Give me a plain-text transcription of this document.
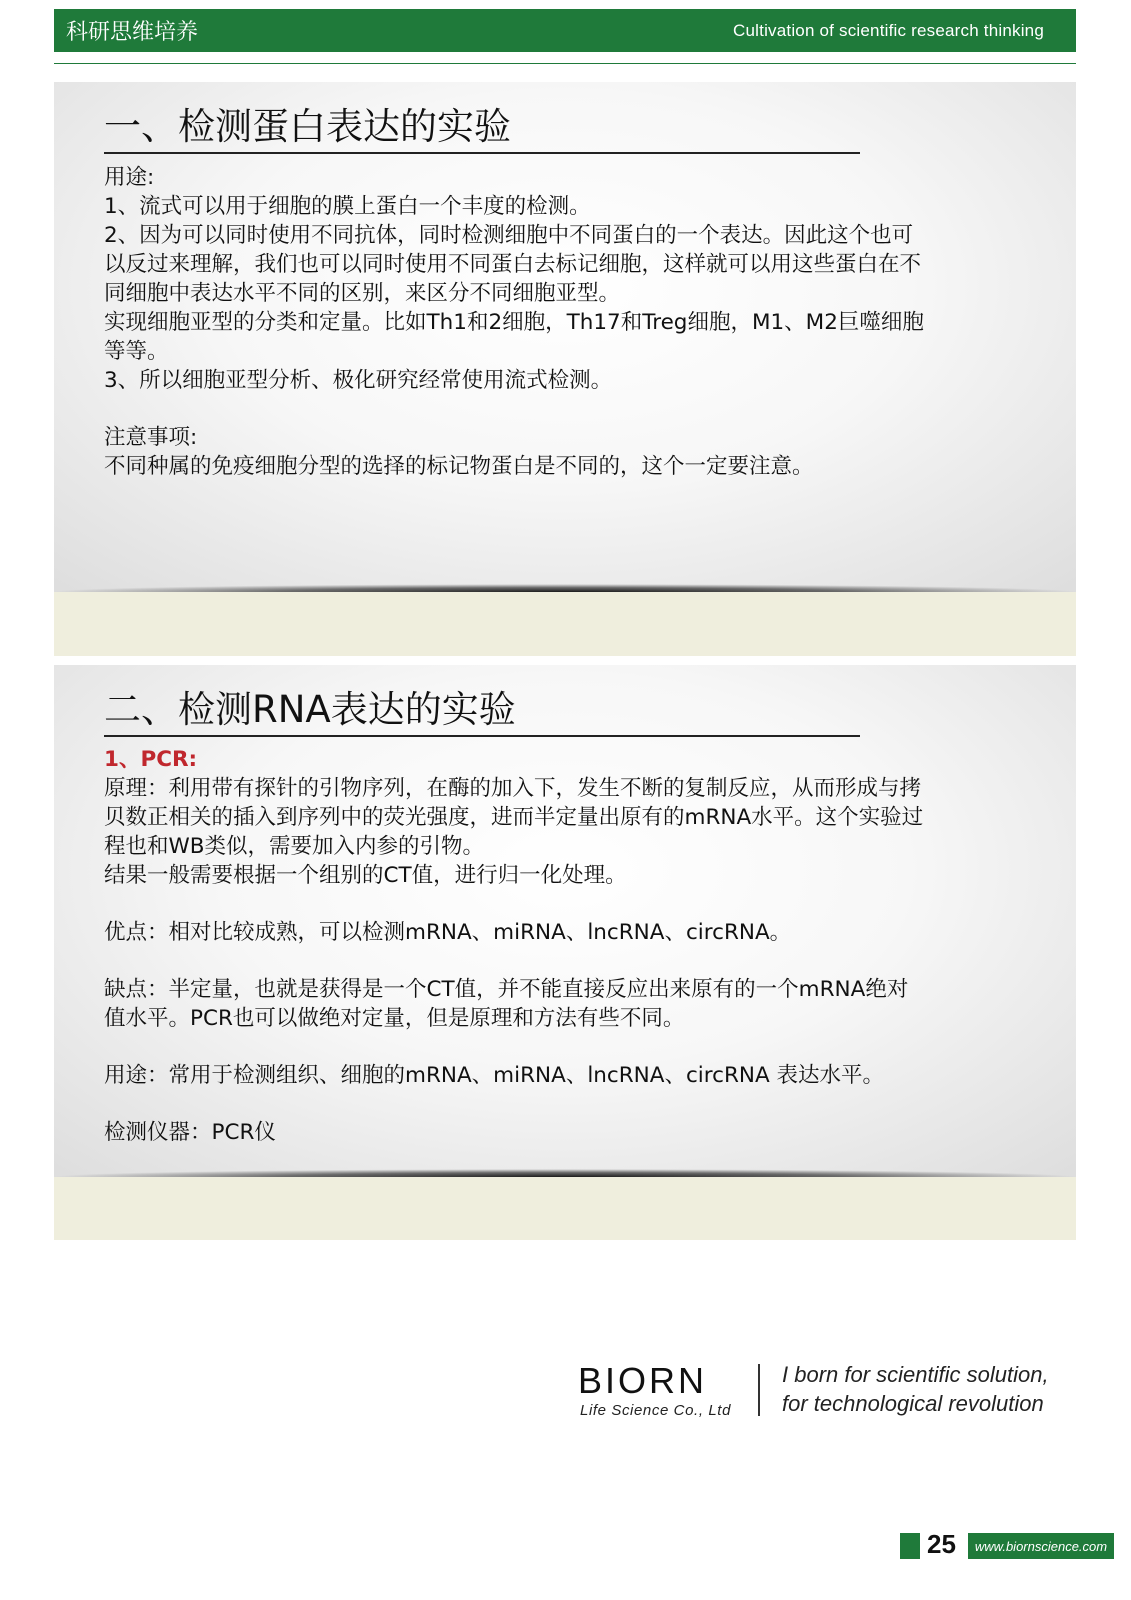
科研思维培养	Cultivation of scientific research thinking
一、检测蛋白表达的实验

用途:

1、流式可以用于细胞的膜上蛋白一个丰度的检测。

2、因为可以同时使用不同抗体，同时检测细胞中不同蛋白的一个表达。因此这个也可

以反过来理解，我们也可以同时使用不同蛋白去标记细胞，这样就可以用这些蛋白在不

同细胞中表达水平不同的区别，来区分不同细胞亚型。

实现细胞亚型的分类和定量。比如Th1和2细胞，Th17和Treg细胞，M1、M2巨噬细胞

等等。

3、所以细胞亚型分析、极化研究经常使用流式检测。

注意事项:

不同种属的免疫细胞分型的选择的标记物蛋白是不同的，这个一定要注意。

二、检测RNA表达的实验

1、PCR:

原理：利用带有探针的引物序列，在酶的加入下，发生不断的复制反应，从而形成与拷

贝数正相关的插入到序列中的荧光强度，进而半定量出原有的mRNA水平。这个实验过

程也和WB类似，需要加入内参的引物。

结果一般需要根据一个组别的CT值，进行归一化处理。

优点：相对比较成熟，可以检测mRNA、miRNA、lncRNA、circRNA。

缺点：半定量，也就是获得是一个CT值，并不能直接反应出来原有的一个mRNA绝对

值水平。PCR也可以做绝对定量，但是原理和方法有些不同。

用途：常用于检测组织、细胞的mRNA、miRNA、lncRNA、circRNA 表达水平。

检测仪器：PCR仪

BIORN
Life Science Co., Ltd
I born for scientific solution,
for technological revolution
25	www.biornscience.com
